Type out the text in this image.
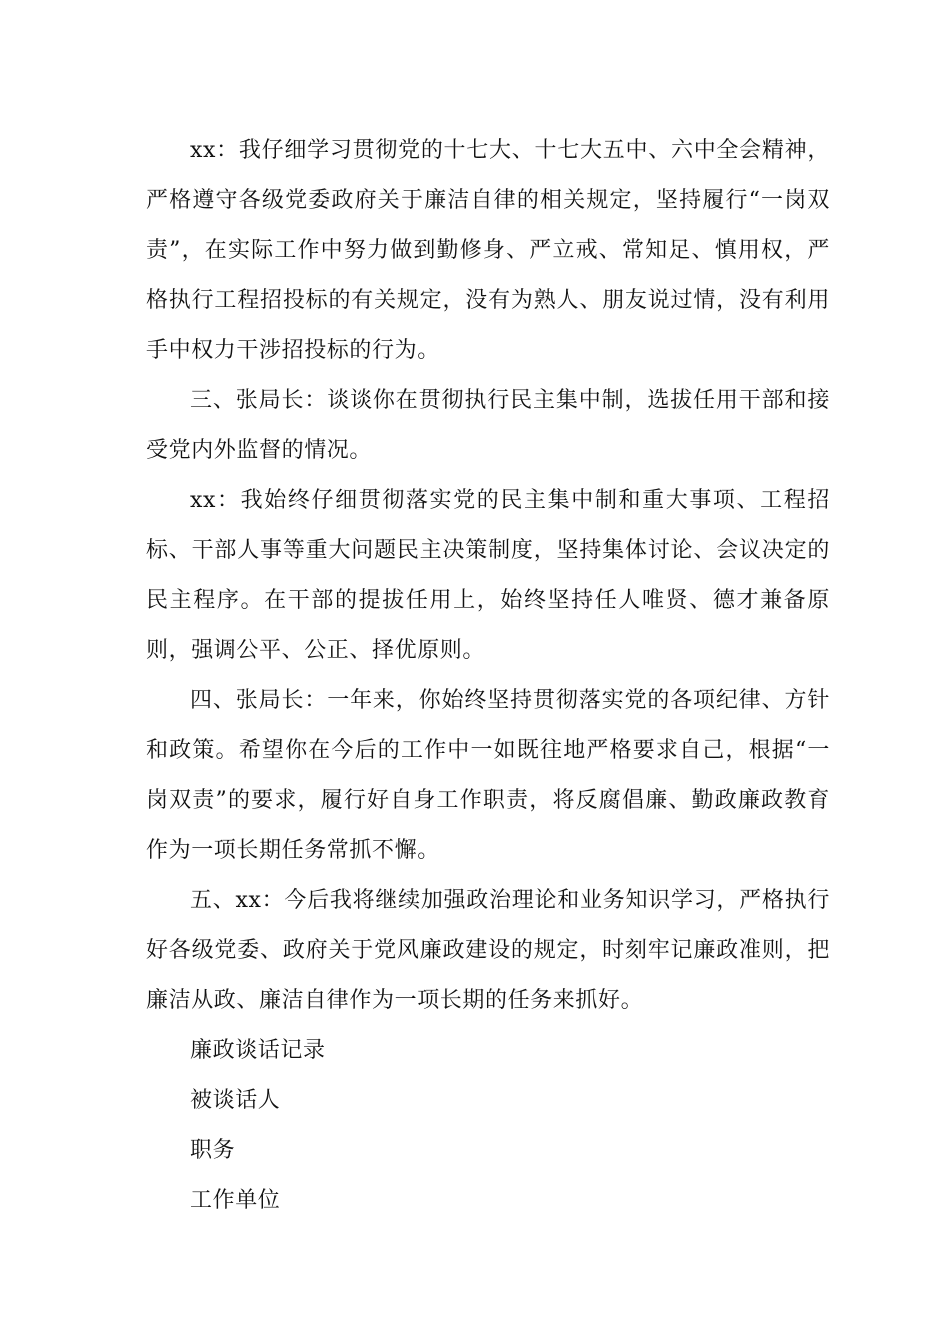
xx：我仔细学习贯彻党的十七大、十七大五中、六中全会精神，严格遵守各级党委政府关于廉洁自律的相关规定，坚持履行“一岗双责”，在实际工作中努力做到勤修身、严立戒、常知足、慎用权，严格执行工程招投标的有关规定，没有为熟人、朋友说过情，没有利用手中权力干涉招投标的行为。

三、张局长：谈谈你在贯彻执行民主集中制，选拔任用干部和接受党内外监督的情况。

xx：我始终仔细贯彻落实党的民主集中制和重大事项、工程招标、干部人事等重大问题民主决策制度，坚持集体讨论、会议决定的民主程序。在干部的提拔任用上，始终坚持任人唯贤、德才兼备原则，强调公平、公正、择优原则。

四、张局长：一年来，你始终坚持贯彻落实党的各项纪律、方针和政策。希望你在今后的工作中一如既往地严格要求自己，根据“一岗双责”的要求，履行好自身工作职责，将反腐倡廉、勤政廉政教育作为一项长期任务常抓不懈。

五、xx：今后我将继续加强政治理论和业务知识学习，严格执行好各级党委、政府关于党风廉政建设的规定，时刻牢记廉政准则，把廉洁从政、廉洁自律作为一项长期的任务来抓好。

廉政谈话记录

被谈话人

职务

工作单位
